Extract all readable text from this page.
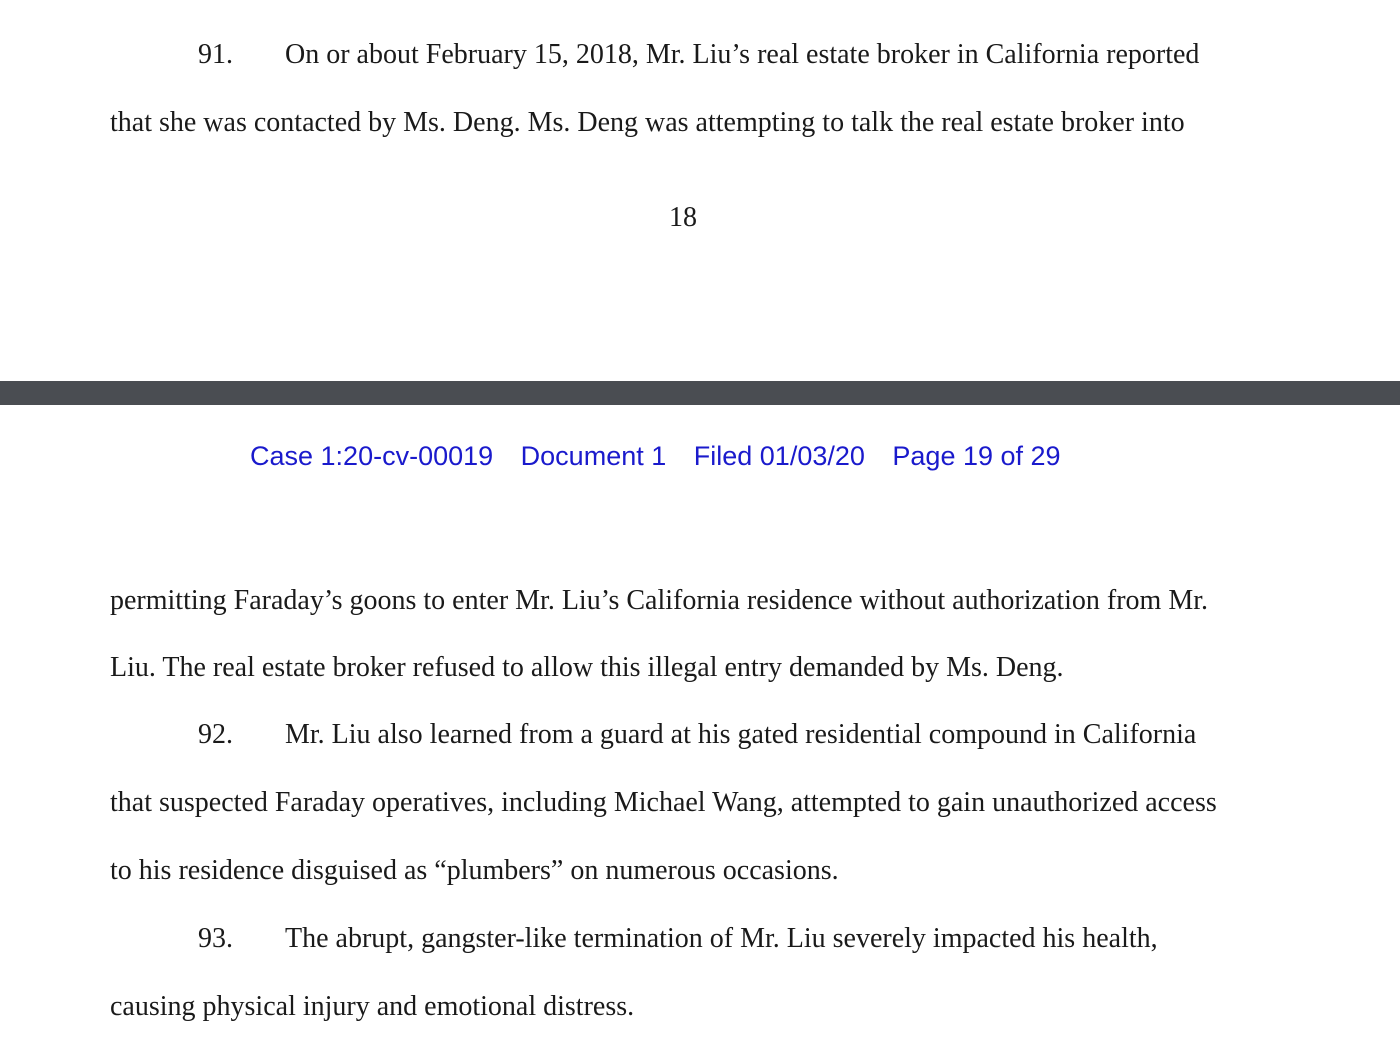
91. On or about February 15, 2018, Mr. Liu’s real estate broker in California reported
that she was contacted by Ms. Deng. Ms. Deng was attempting to talk the real estate broker into
18
Case 1:20-cv-00019 Document 1 Filed 01/03/20 Page 19 of 29
permitting Faraday’s goons to enter Mr. Liu’s California residence without authorization from Mr.
Liu. The real estate broker refused to allow this illegal entry demanded by Ms. Deng.
92. Mr. Liu also learned from a guard at his gated residential compound in California
that suspected Faraday operatives, including Michael Wang, attempted to gain unauthorized access
to his residence disguised as “plumbers” on numerous occasions.
93. The abrupt, gangster-like termination of Mr. Liu severely impacted his health,
causing physical injury and emotional distress.
